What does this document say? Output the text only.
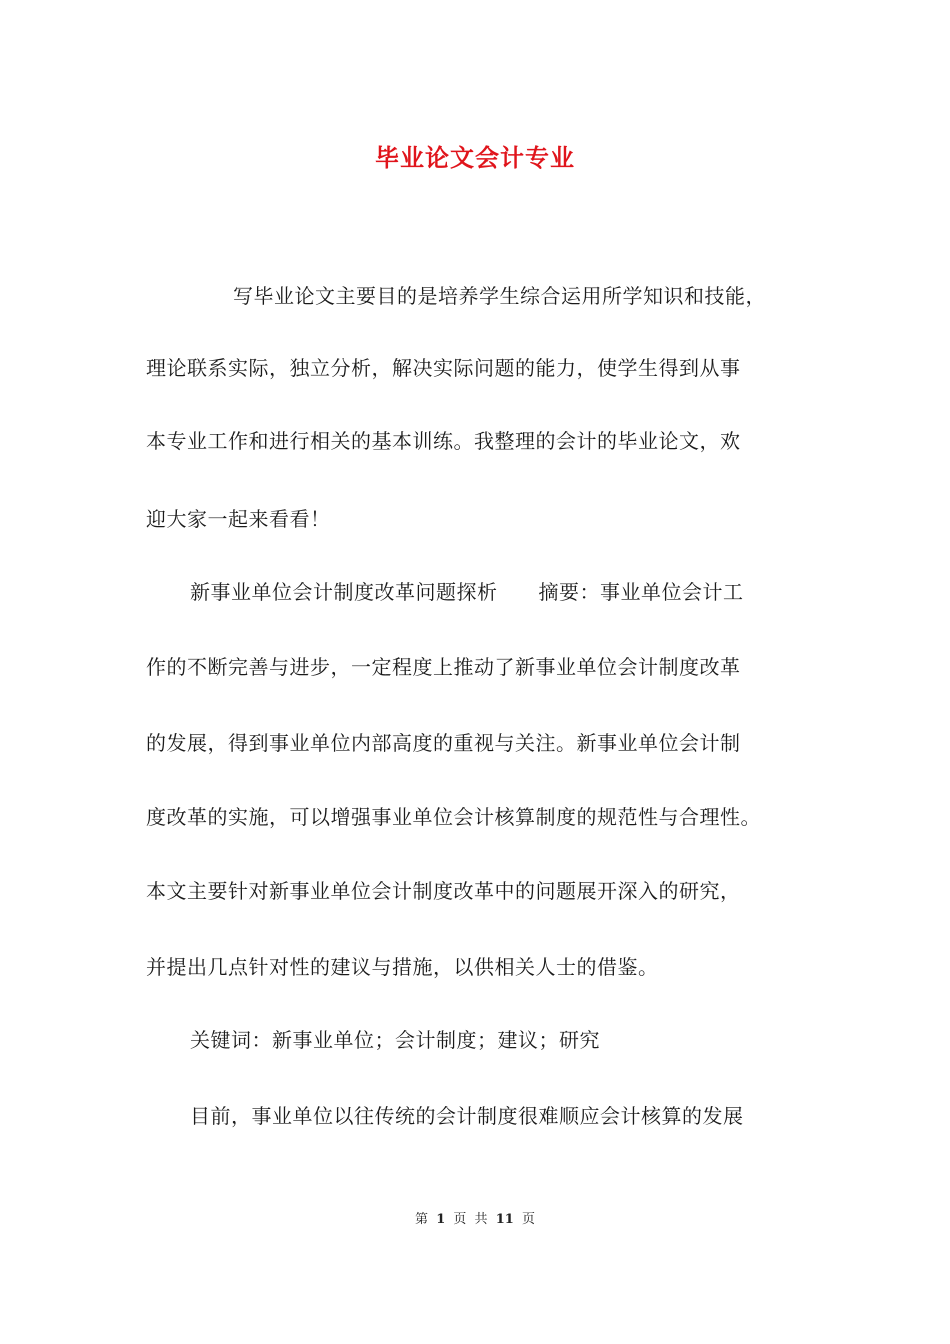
毕业论文会计专业
写毕业论文主要目的是培养学生综合运用所学知识和技能，
理论联系实际，独立分析，解决实际问题的能力，使学生得到从事
本专业工作和进行相关的基本训练。我整理的会计的毕业论文，欢
迎大家一起来看看！
新事业单位会计制度改革问题探析　　摘要：事业单位会计工
作的不断完善与进步，一定程度上推动了新事业单位会计制度改革
的发展，得到事业单位内部高度的重视与关注。新事业单位会计制
度改革的实施，可以增强事业单位会计核算制度的规范性与合理性。
本文主要针对新事业单位会计制度改革中的问题展开深入的研究，
并提出几点针对性的建议与措施，以供相关人士的借鉴。
关键词：新事业单位；会计制度；建议；研究
目前，事业单位以往传统的会计制度很难顺应会计核算的发展
第 1 页 共 11 页
